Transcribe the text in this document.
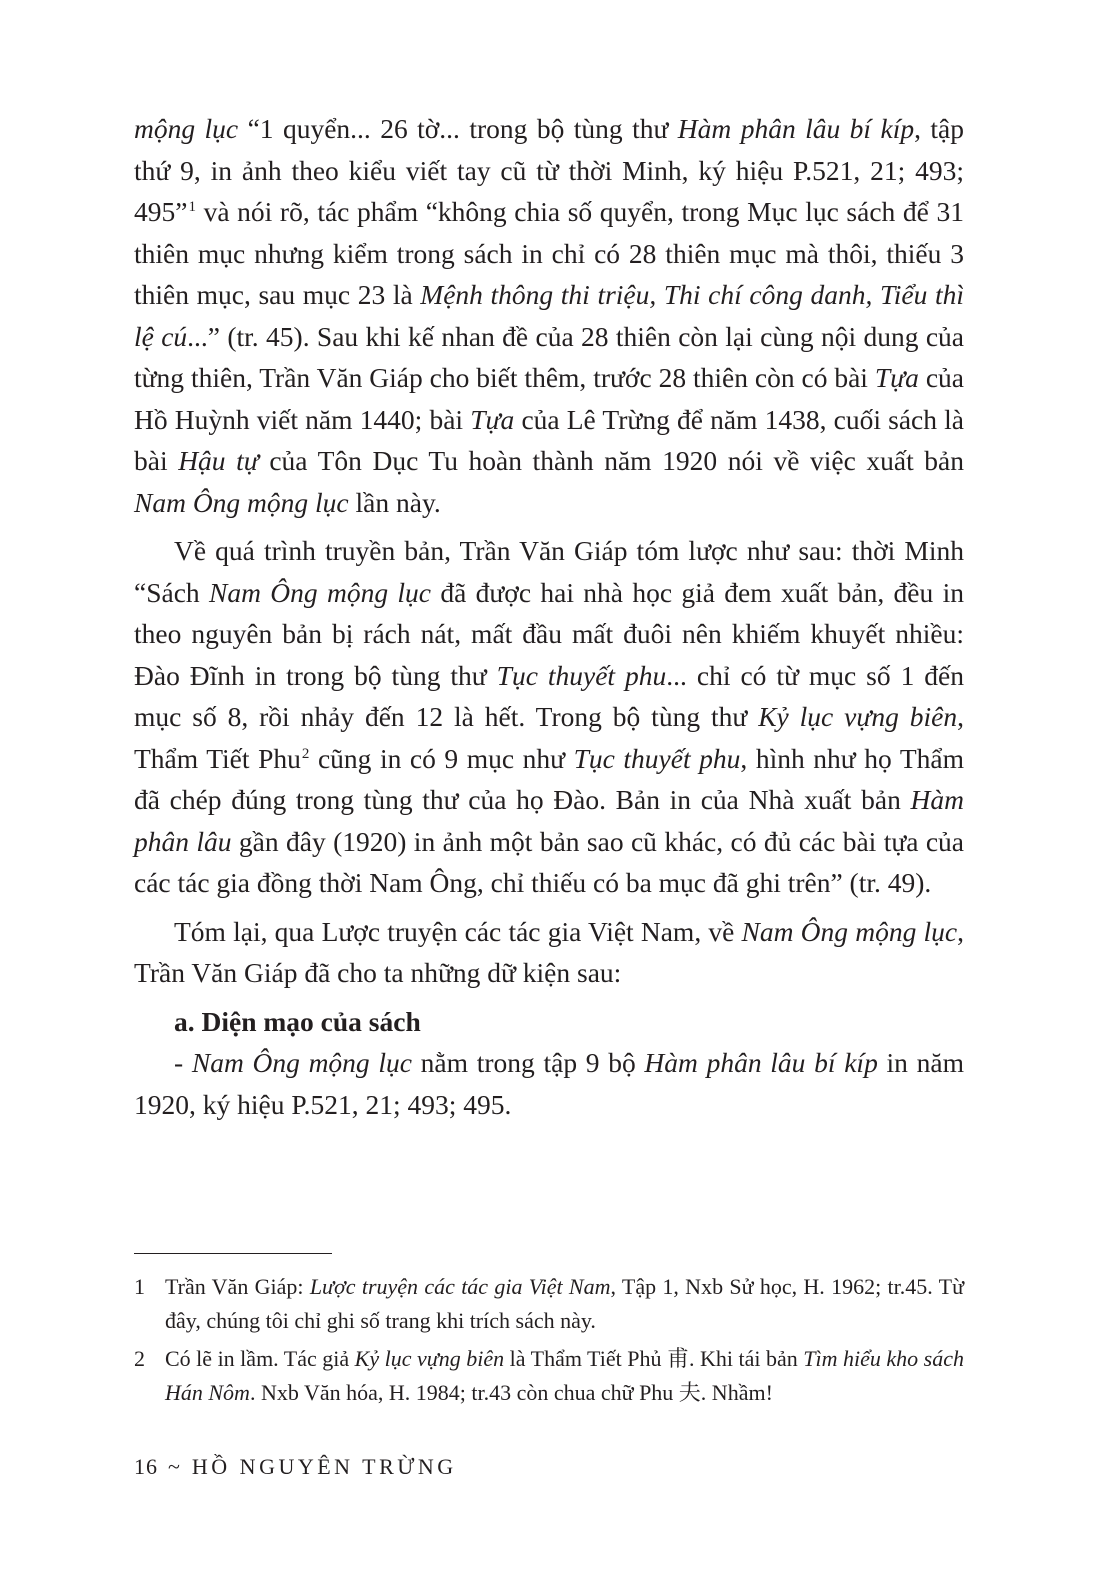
mộng lục “1 quyển... 26 tờ... trong bộ tùng thư Hàm phân lâu bí kíp, tập thứ 9, in ảnh theo kiểu viết tay cũ từ thời Minh, ký hiệu P.521, 21; 493; 495”$^1$ và nói rõ, tác phẩm “không chia số quyển, trong Mục lục sách để 31 thiên mục nhưng kiểm trong sách in chỉ có 28 thiên mục mà thôi, thiếu 3 thiên mục, sau mục 23 là Mệnh thông thi triệu, Thi chí công danh, Tiểu thì lệ cú...” (tr. 45). Sau khi kế nhan đề của 28 thiên còn lại cùng nội dung của từng thiên, Trần Văn Giáp cho biết thêm, trước 28 thiên còn có bài Tựa của Hồ Huỳnh viết năm 1440; bài Tựa của Lê Trừng để năm 1438, cuối sách là bài Hậu tự của Tôn Dục Tu hoàn thành năm 1920 nói về việc xuất bản Nam Ông mộng lục lần này.

Về quá trình truyền bản, Trần Văn Giáp tóm lược như sau: thời Minh “Sách Nam Ông mộng lục đã được hai nhà học giả đem xuất bản, đều in theo nguyên bản bị rách nát, mất đầu mất đuôi nên khiếm khuyết nhiều: Đào Đĩnh in trong bộ tùng thư Tục thuyết phu... chỉ có từ mục số 1 đến mục số 8, rồi nhảy đến 12 là hết. Trong bộ tùng thư Kỷ lục vựng biên, Thẩm Tiết Phu$^2$ cũng in có 9 mục như Tục thuyết phu, hình như họ Thẩm đã chép đúng trong tùng thư của họ Đào. Bản in của Nhà xuất bản Hàm phân lâu gần đây (1920) in ảnh một bản sao cũ khác, có đủ các bài tựa của các tác gia đồng thời Nam Ông, chỉ thiếu có ba mục đã ghi trên” (tr. 49).

Tóm lại, qua Lược truyện các tác gia Việt Nam, về Nam Ông mộng lục, Trần Văn Giáp đã cho ta những dữ kiện sau:

a. Diện mạo của sách

- Nam Ông mộng lục nằm trong tập 9 bộ Hàm phân lâu bí kíp in năm 1920, ký hiệu P.521, 21; 493; 495.

1 Trần Văn Giáp: Lược truyện các tác gia Việt Nam, Tập 1, Nxb Sử học, H. 1962; tr.45. Từ đây, chúng tôi chỉ ghi số trang khi trích sách này.
2 Có lẽ in lầm. Tác giả Kỷ lục vựng biên là Thẩm Tiết Phủ 甫. Khi tái bản Tìm hiểu kho sách Hán Nôm. Nxb Văn hóa, H. 1984; tr.43 còn chua chữ Phu 夫. Nhầm!
16 ~ HỒ NGUYÊN TRỪNG
